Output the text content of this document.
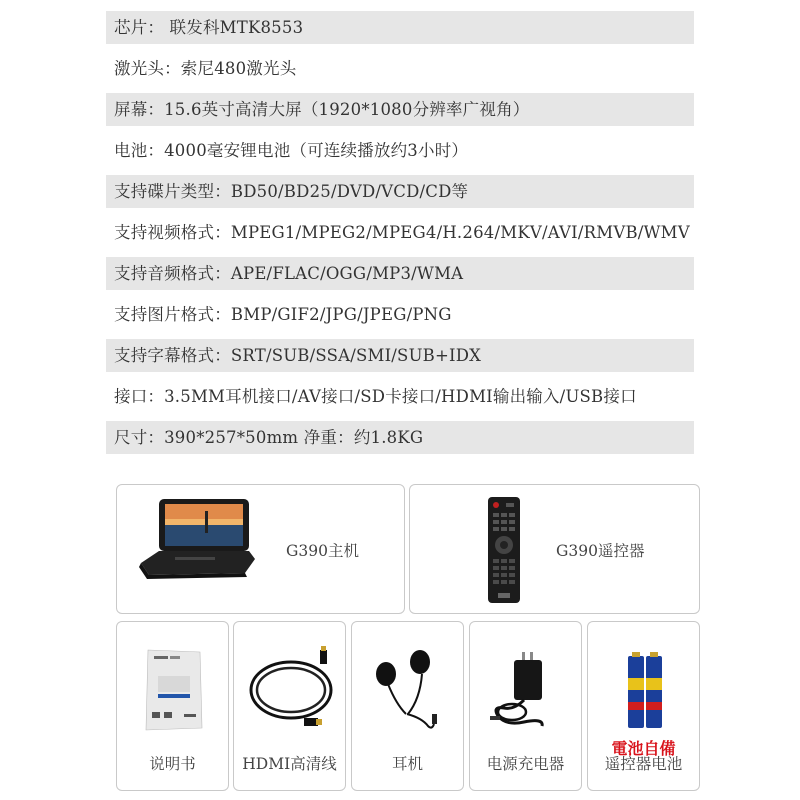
芯片： 联发科MTK8553
激光头：索尼480激光头
屏幕：15.6英寸高清大屏（1920*1080分辨率广视角）
电池：4000毫安锂电池（可连续播放约3小时）
支持碟片类型：BD50/BD25/DVD/VCD/CD等
支持视频格式：MPEG1/MPEG2/MPEG4/H.264/MKV/AVI/RMVB/WMV
支持音频格式：APE/FLAC/OGG/MP3/WMA
支持图片格式：BMP/GIF2/JPG/JPEG/PNG
支持字幕格式：SRT/SUB/SSA/SMI/SUB+IDX
接口：3.5MM耳机接口/AV接口/SD卡接口/HDMI输出输入/USB接口
尺寸：390*257*50mm 净重：约1.8KG
G390主机	G390遥控器
说明书	HDMI高清线	耳机	电源充电器
電池自備
遥控器电池
